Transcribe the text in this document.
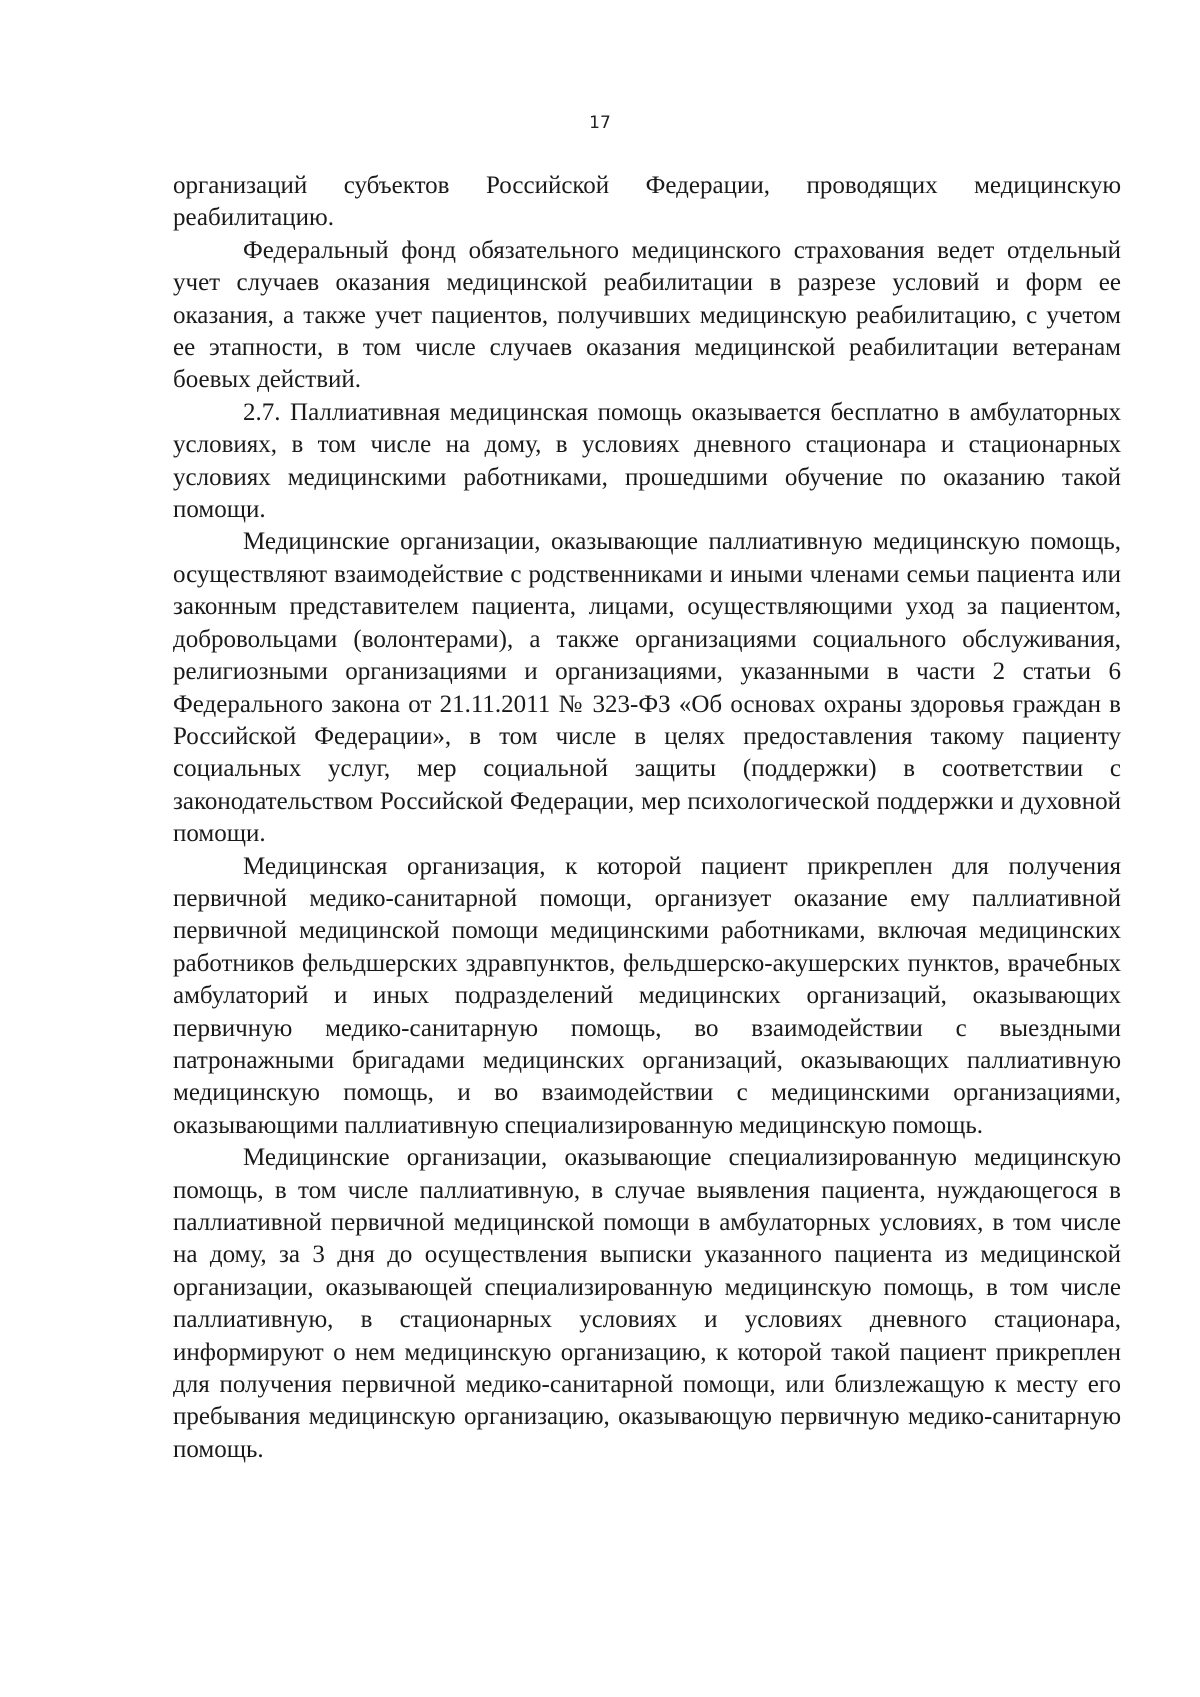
17

организаций субъектов Российской Федерации, проводящих медицинскую реабилитацию.

Федеральный фонд обязательного медицинского страхования ведет отдельный учет случаев оказания медицинской реабилитации в разрезе условий и форм ее оказания, а также учет пациентов, получивших медицинскую реабилитацию, с учетом ее этапности, в том числе случаев оказания медицинской реабилитации ветеранам боевых действий.

2.7. Паллиативная медицинская помощь оказывается бесплатно в амбулаторных условиях, в том числе на дому, в условиях дневного стационара и стационарных условиях медицинскими работниками, прошедшими обучение по оказанию такой помощи.

Медицинские организации, оказывающие паллиативную медицинскую помощь, осуществляют взаимодействие с родственниками и иными членами семьи пациента или законным представителем пациента, лицами, осуществляющими уход за пациентом, добровольцами (волонтерами), а также организациями социального обслуживания, религиозными организациями и организациями, указанными в части 2 статьи 6 Федерального закона от 21.11.2011 № 323-ФЗ «Об основах охраны здоровья граждан в Российской Федерации», в том числе в целях предоставления такому пациенту социальных услуг, мер социальной защиты (поддержки) в соответствии с законодательством Российской Федерации, мер психологической поддержки и духовной помощи.

Медицинская организация, к которой пациент прикреплен для получения первичной медико-санитарной помощи, организует оказание ему паллиативной первичной медицинской помощи медицинскими работниками, включая медицинских работников фельдшерских здравпунктов, фельдшерско-акушерских пунктов, врачебных амбулаторий и иных подразделений медицинских организаций, оказывающих первичную медико-санитарную помощь, во взаимодействии с выездными патронажными бригадами медицинских организаций, оказывающих паллиативную медицинскую помощь, и во взаимодействии с медицинскими организациями, оказывающими паллиативную специализированную медицинскую помощь.

Медицинские организации, оказывающие специализированную медицинскую помощь, в том числе паллиативную, в случае выявления пациента, нуждающегося в паллиативной первичной медицинской помощи в амбулаторных условиях, в том числе на дому, за 3 дня до осуществления выписки указанного пациента из медицинской организации, оказывающей специализированную медицинскую помощь, в том числе паллиативную, в стационарных условиях и условиях дневного стационара, информируют о нем медицинскую организацию, к которой такой пациент прикреплен для получения первичной медико-санитарной помощи, или близлежащую к месту его пребывания медицинскую организацию, оказывающую первичную медико-санитарную помощь.
